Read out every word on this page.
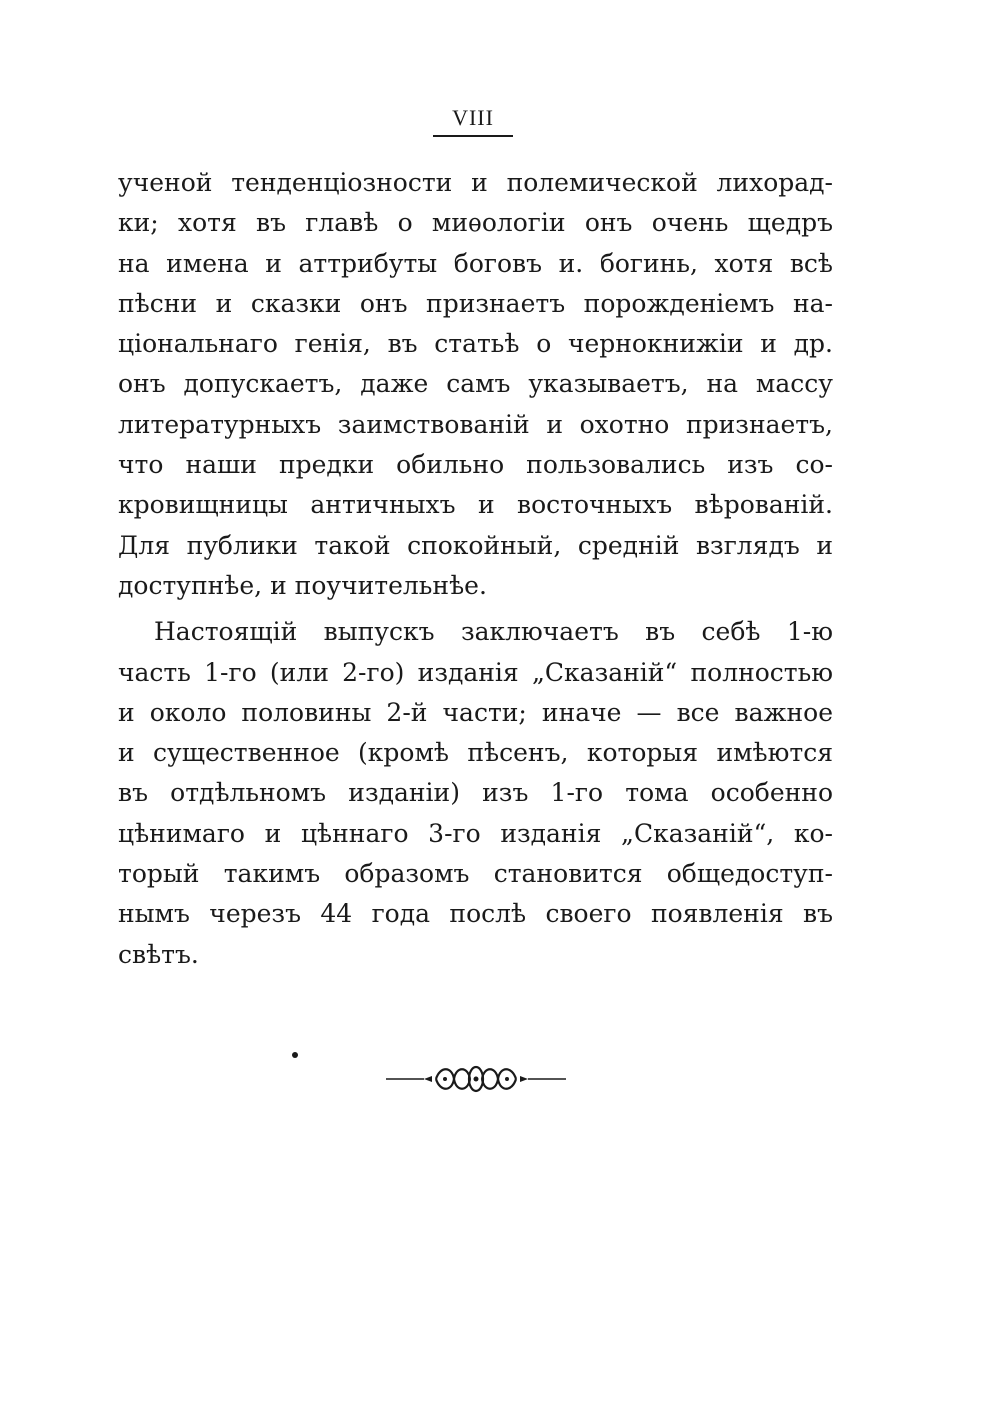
VIII
ученой тенденціозности и полемической лихорад-
ки; хотя въ главѣ о миѳологіи онъ очень щедръ
на имена и аттрибуты боговъ и. богинь, хотя всѣ
пѣсни и сказки онъ признаетъ порожденіемъ на-
ціональнаго генія, въ статьѣ о чернокнижіи и др.
онъ допускаетъ, даже самъ указываетъ, на массу
литературныхъ заимствованій и охотно признаетъ,
что наши предки обильно пользовались изъ со-
кровищницы античныхъ и восточныхъ вѣрованій.
Для публики такой спокойный, средній взглядъ и
доступнѣе, и поучительнѣе.
Настоящій выпускъ заключаетъ въ себѣ 1-ю
часть 1-го (или 2-го) изданія „Сказаній“ полностью
и около половины 2-й части; иначе — все важное
и существенное (кромѣ пѣсенъ, которыя имѣются
въ отдѣльномъ изданіи) изъ 1-го тома особенно
цѣнимаго и цѣннаго 3-го изданія „Сказаній“, ко-
торый такимъ образомъ становится общедоступ-
нымъ черезъ 44 года послѣ своего появленія въ
свѣтъ.
